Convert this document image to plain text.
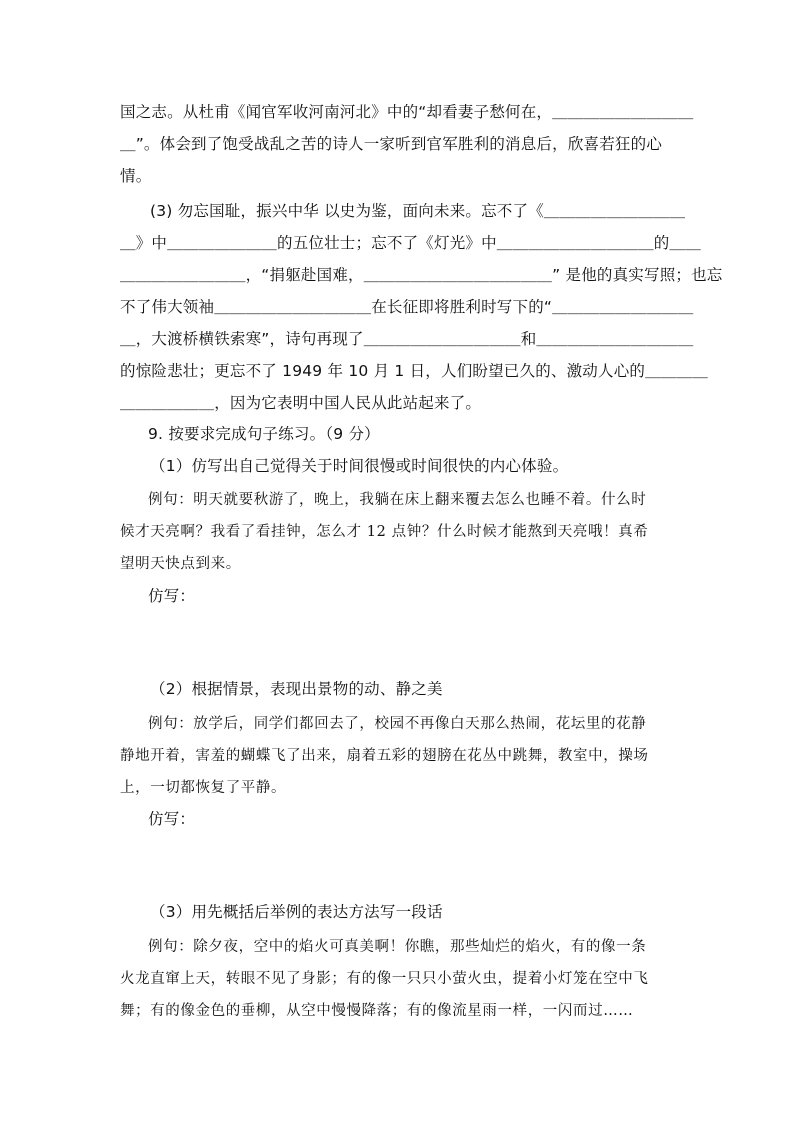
国之志。从杜甫《闻官军收河南河北》中的“却看妻子愁何在，＿＿＿＿＿＿＿＿＿
＿”。体会到了饱受战乱之苦的诗人一家听到官军胜利的消息后，欣喜若狂的心
情。
(3) 勿忘国耻，振兴中华 以史为鉴，面向未来。忘不了《＿＿＿＿＿＿＿＿＿
＿》中＿＿＿＿＿＿＿的五位壮士；忘不了《灯光》中＿＿＿＿＿＿＿＿＿＿的＿＿
＿＿＿＿＿＿＿＿，“捐躯赴国难，＿＿＿＿＿＿＿＿＿＿＿＿” 是他的真实写照；也忘
不了伟大领袖＿＿＿＿＿＿＿＿＿＿在长征即将胜利时写下的“＿＿＿＿＿＿＿＿＿
＿，大渡桥横铁索寒”，诗句再现了＿＿＿＿＿＿＿＿＿＿和＿＿＿＿＿＿＿＿＿＿
的惊险悲壮；更忘不了 1949 年 10 月 1 日，人们盼望已久的、激动人心的＿＿＿＿
＿＿＿＿＿＿，因为它表明中国人民从此站起来了。
9. 按要求完成句子练习。（9 分）
（1）仿写出自己觉得关于时间很慢或时间很快的内心体验。
例句：明天就要秋游了，晚上，我躺在床上翻来覆去怎么也睡不着。什么时
候才天亮啊？我看了看挂钟，怎么才 12 点钟？什么时候才能熬到天亮哦！真希
望明天快点到来。
仿写：
（2）根据情景，表现出景物的动、静之美
例句：放学后，同学们都回去了，校园不再像白天那么热闹，花坛里的花静
静地开着，害羞的蝴蝶飞了出来，扇着五彩的翅膀在花丛中跳舞，教室中，操场
上，一切都恢复了平静。
仿写：
（3）用先概括后举例的表达方法写一段话
例句：除夕夜，空中的焰火可真美啊！你瞧，那些灿烂的焰火，有的像一条
火龙直窜上天，转眼不见了身影；有的像一只只小萤火虫，提着小灯笼在空中飞
舞；有的像金色的垂柳，从空中慢慢降落；有的像流星雨一样，一闪而过……
